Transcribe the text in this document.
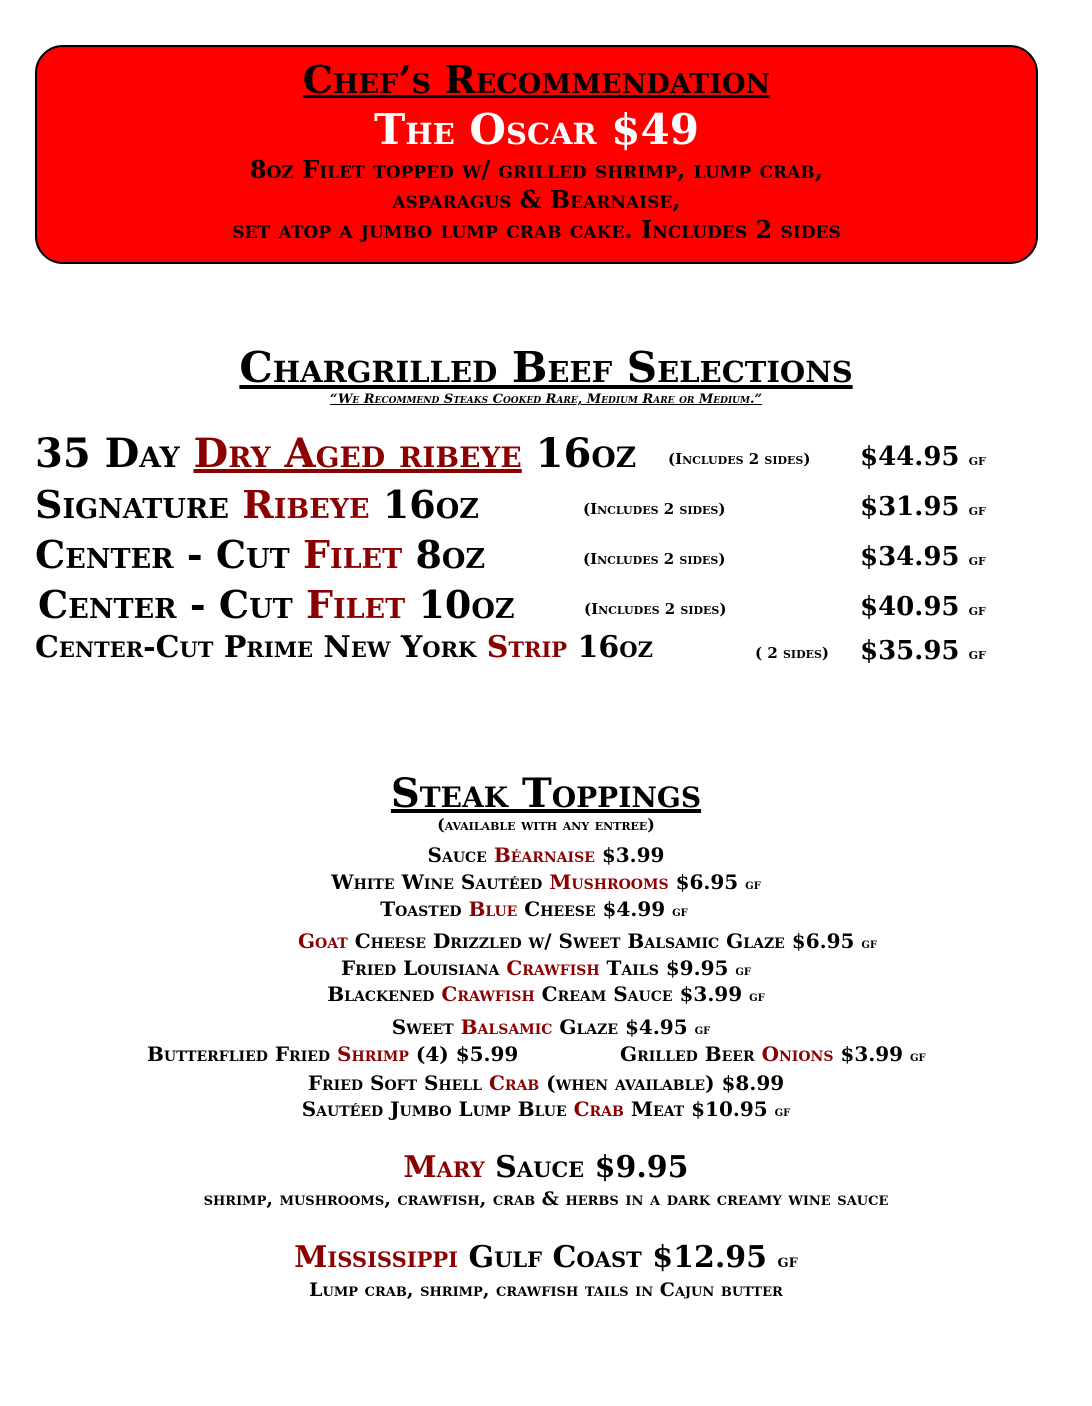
Chef’s Recommendation
The Oscar $49
8oz Filet topped w/ grilled shrimp, lump crab,
asparagus & Bearnaise,
set atop a jumbo lump crab cake. Includes 2 sides
Chargrilled Beef Selections
“We Recommend Steaks Cooked Rare, Medium Rare or Medium.”
35 Day Dry Aged ribeye 16oz (Includes 2 sides) $44.95 gf
Signature Ribeye 16oz	(Includes 2 sides)	$31.95 gf
Center - Cut Filet 8oz	(Includes 2 sides)	$34.95 gf
Center - Cut Filet 10oz	(Includes 2 sides)	$40.95 gf
Center-Cut Prime New York Strip 16oz	( 2 sides) $35.95 gf
Steak Toppings
(available with any entree)
Sauce Béarnaise $3.99
White Wine Sautéed Mushrooms $6.95 gf
Toasted Blue Cheese $4.99 gf
Goat Cheese Drizzled w/ Sweet Balsamic Glaze $6.95 gf
Fried Louisiana Crawfish Tails $9.95 gf
Blackened Crawfish Cream Sauce $3.99 gf
Sweet Balsamic Glaze $4.95 gf
Butterflied Fried Shrimp (4) $5.99	Grilled Beer Onions $3.99 gf
Fried Soft Shell Crab (when available) $8.99
Sautéed Jumbo Lump Blue Crab Meat $10.95 gf
Mary Sauce $9.95
shrimp, mushrooms, crawfish, crab & herbs in a dark creamy wine sauce
Mississippi Gulf Coast $12.95 gf
Lump crab, shrimp, crawfish tails in Cajun butter
